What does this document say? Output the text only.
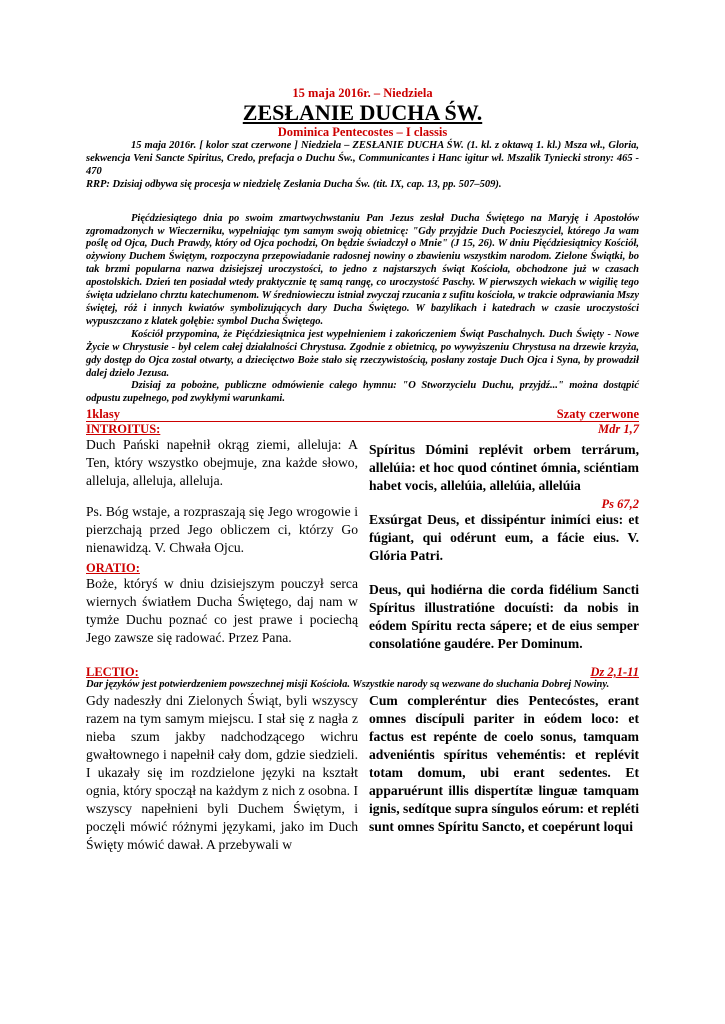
15 maja 2016r. – Niedziela
ZESŁANIE DUCHA ŚW.
Dominica Pentecostes – I classis

15 maja 2016r. [ kolor szat czerwone ] Niedziela – ZESŁANIE DUCHA ŚW. (1. kl. z oktawą 1. kl.) Msza wł., Gloria, sekwencja Veni Sancte Spiritus, Credo, prefacja o Duchu Św., Communicantes i Hanc igitur wł. Mszalik Tyniecki strony: 465 - 470

RRP: Dzisiaj odbywa się procesja w niedzielę Zesłania Ducha Św. (tit. IX, cap. 13, pp. 507–509).

Pięćdziesiątego dnia po swoim zmartwychwstaniu Pan Jezus zesłał Ducha Świętego na Maryję i Apostołów zgromadzonych w Wieczerniku, wypełniając tym samym swoją obietnicę: "Gdy przyjdzie Duch Pocieszyciel, którego Ja wam poślę od Ojca, Duch Prawdy, który od Ojca pochodzi, On będzie świadczył o Mnie" (J 15, 26). W dniu Pięćdziesiątnicy Kościół, ożywiony Duchem Świętym, rozpoczyna przepowiadanie radosnej nowiny o zbawieniu wszystkim narodom. Zielone Świątki, bo tak brzmi popularna nazwa dzisiejszej uroczystości, to jedno z najstarszych świąt Kościoła, obchodzone już w czasach apostolskich. Dzień ten posiadał wtedy praktycznie tę samą rangę, co uroczystość Paschy. W pierwszych wiekach w wigilię tego święta udzielano chrztu katechumenom. W średniowieczu istniał zwyczaj rzucania z sufitu kościoła, w trakcie odprawiania Mszy świętej, róż i innych kwiatów symbolizujących dary Ducha Świętego. W bazylikach i katedrach w czasie uroczystości wypuszczano z klatek gołębie: symbol Ducha Świętego.

Kościół przypomina, że Pięćdziesiątnica jest wypełnieniem i zakończeniem Świąt Paschalnych. Duch Święty - Nowe Życie w Chrystusie - był celem całej działalności Chrystusa. Zgodnie z obietnicą, po wywyższeniu Chrystusa na drzewie krzyża, gdy dostęp do Ojca został otwarty, a dziecięctwo Boże stało się rzeczywistością, posłany zostaje Duch Ojca i Syna, by prowadził dalej dzieło Jezusa.

Dzisiaj za pobożne, publiczne odmówienie całego hymnu: "O Stworzycielu Duchu, przyjdź..." można dostąpić odpustu zupełnego, pod zwykłymi warunkami.

1klasy	Szaty czerwone
INTROITUS:	Mdr 1,7
Duch Pański napełnił okrąg ziemi, alleluja: A Ten, który wszystko obejmuje, zna każde słowo, alleluja, alleluja, alleluja.
Spíritus Dómini replévit orbem terrárum, allelúia: et hoc quod cóntinet ómnia, sciéntiam habet vocis, allelúia, allelúia, allelúia
Ps 67,2
Ps. Bóg wstaje, a rozpraszają się Jego wrogowie i pierzchają przed Jego obliczem ci, którzy Go nienawidzą. V. Chwała Ojcu.
Exsúrgat Deus, et dissipéntur inimíci eius: et fúgiant, qui odérunt eum, a fácie eius. V. Glória Patri.
ORATIO:
Boże, któryś w dniu dzisiejszym pouczył serca wiernych światłem Ducha Świętego, daj nam w tymże Duchu poznać co jest prawe i pociechą Jego zawsze się radować. Przez Pana.
Deus, qui hodiérna die corda fidélium Sancti Spíritus illustratióne docuísti: da nobis in eódem Spíritu recta sápere; et de eius semper consolatióne gaudére. Per Dominum.
LECTIO:	Dz 2,1-11

Dar języków jest potwierdzeniem powszechnej misji Kościoła. Wszystkie narody są wezwane do słuchania Dobrej Nowiny.

Gdy nadeszły dni Zielonych Świąt, byli wszyscy razem na tym samym miejscu. I stał się z nagła z nieba szum jakby nadchodzącego wichru gwałtownego i napełnił cały dom, gdzie siedzieli. I ukazały się im rozdzielone języki na kształt ognia, który spoczął na każdym z nich z osobna. I wszyscy napełnieni byli Duchem Świętym, i poczęli mówić różnymi językami, jako im Duch Święty mówić dawał. A przebywali w
Cum compleréntur dies Pentecóstes, erant omnes discípuli pariter in eódem loco: et factus est repénte de coelo sonus, tamquam adveniéntis spíritus veheméntis: et replévit totam domum, ubi erant sedentes. Et apparuérunt illis dispertítæ linguæ tamquam ignis, sedítque supra síngulos eórum: et repléti sunt omnes Spíritu Sancto, et coepérunt loqui
